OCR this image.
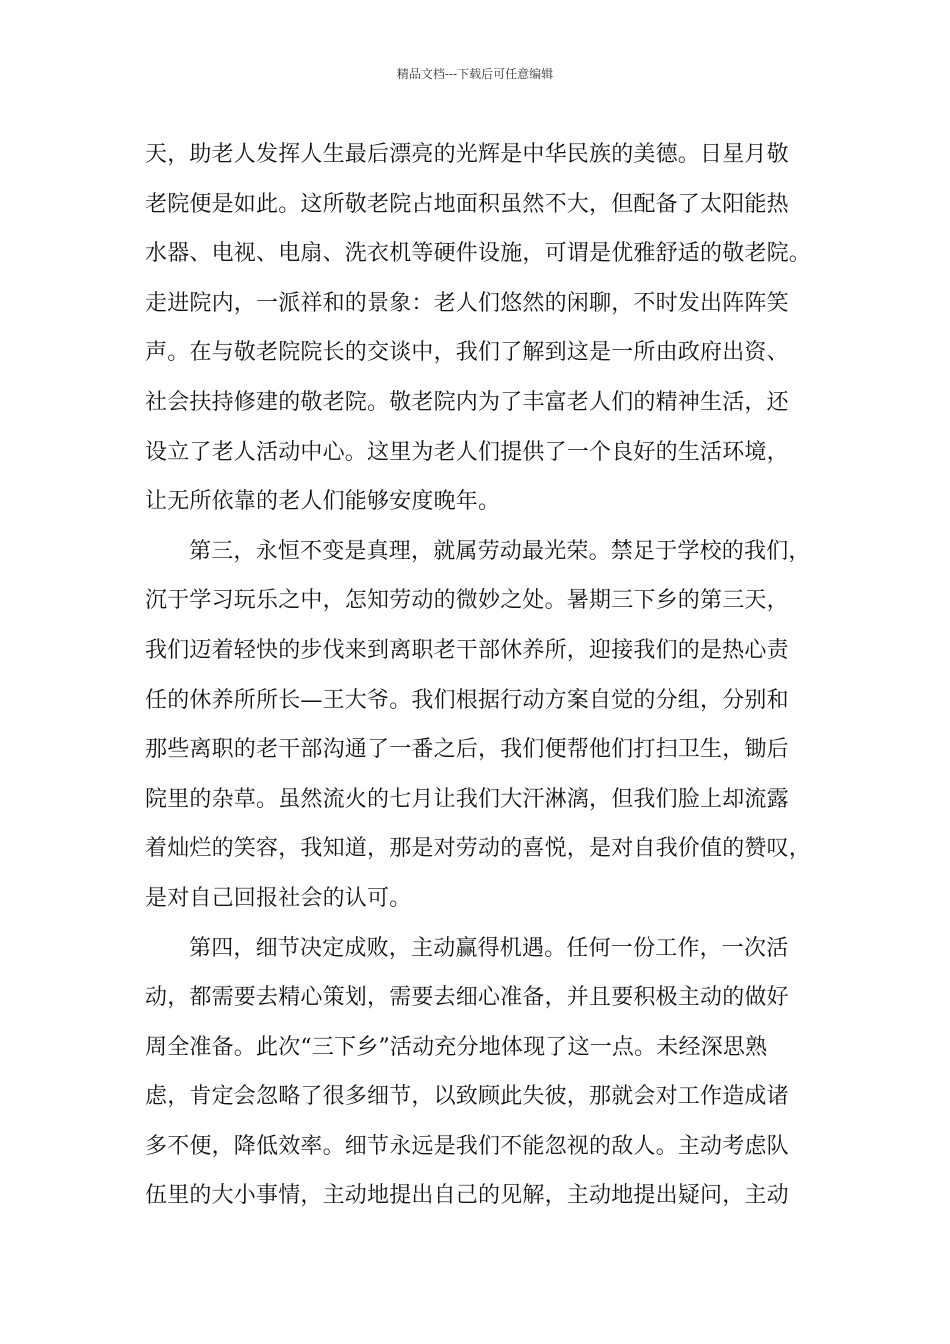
精品文档---下载后可任意编辑
天，助老人发挥人生最后漂亮的光辉是中华民族的美德。日星月敬
老院便是如此。这所敬老院占地面积虽然不大，但配备了太阳能热
水器、电视、电扇、洗衣机等硬件设施，可谓是优雅舒适的敬老院。
走进院内，一派祥和的景象：老人们悠然的闲聊，不时发出阵阵笑
声。在与敬老院院长的交谈中，我们了解到这是一所由政府出资、
社会扶持修建的敬老院。敬老院内为了丰富老人们的精神生活，还
设立了老人活动中心。这里为老人们提供了一个良好的生活环境，
让无所依靠的老人们能够安度晚年。
第三，永恒不变是真理，就属劳动最光荣。禁足于学校的我们，
沉于学习玩乐之中，怎知劳动的微妙之处。暑期三下乡的第三天，
我们迈着轻快的步伐来到离职老干部休养所，迎接我们的是热心责
任的休养所所长—王大爷。我们根据行动方案自觉的分组，分别和
那些离职的老干部沟通了一番之后，我们便帮他们打扫卫生，锄后
院里的杂草。虽然流火的七月让我们大汗淋漓，但我们脸上却流露
着灿烂的笑容，我知道，那是对劳动的喜悦，是对自我价值的赞叹，
是对自己回报社会的认可。
第四，细节决定成败，主动赢得机遇。任何一份工作，一次活
动，都需要去精心策划，需要去细心准备，并且要积极主动的做好
周全准备。此次“三下乡”活动充分地体现了这一点。未经深思熟
虑，肯定会忽略了很多细节，以致顾此失彼，那就会对工作造成诸
多不便，降低效率。细节永远是我们不能忽视的敌人。主动考虑队
伍里的大小事情，主动地提出自己的见解，主动地提出疑问，主动
